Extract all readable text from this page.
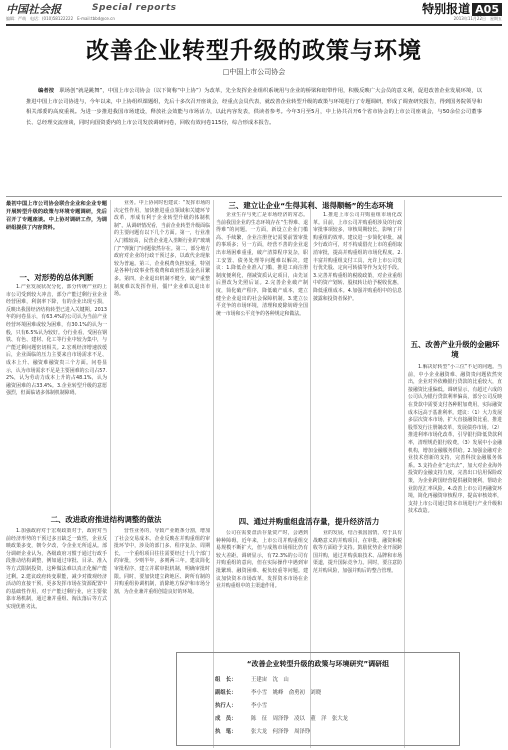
中国社会报	Special reports	特别报道 A05
编辑：严萌　电话：(010)58122222　E-mail:tbbd@ce.cn	2013年11月22日　星期五
改善企业转型升级的政策与环境
□中国上市公司协会
编者按　 职场创“就是跳舞”，中国上市公司协会（以下简称“中上协”）为改革，先全发挥企业组织系统用与企业的桥梁和纽带作用，积极反映广大会员的意义利，促进改善企业发展环境，以推进中国上市公司协进与，今年以来，中上协组织课题组，先后十多次召开座谈会，经重点会员代表，就改善企业转型升级的政策与环境进行了专题调研，形成了调查研究报告，得到国务院领导和相关部委的高度重视。为进一步推进我国市场建设，释放社会效能与市场活力，以此内容发表，供读者参考。今年3月至5月，中上协共召开6个省市协会的上市公司座谈会，与50余位公司董事长、总经理交流座谈，同时向国资委内的上市公司发放调研问卷，回收有效问卷115份，综合形成本报告。
最初中国上市公司协会联合企业和企业专题开展转型升级的政策与环境专题调研，先后召开了专题座谈。中上协对调研工作，为调研组提供了内容资料。
一、对形势的总体判断
1.产业发展状况分化，部分传统产业的上市公司受到较大冲击，部分产能过剩行业企业经营困难，利润率下降，有的企业出现亏损，反映出我国经济结构转型已进入关键期。2013年的问卷显示，有63.4%的公司认为当前产业经营环境困难或较为困难，有30.1%的认为一般，只有6.5%认为较好。分行业看，受困在钢铁、有色、建材、化工等行业中较为集中，与产能过剩问题密切相关。2.宏观经济增速放缓后，企业面临的压力主要来自市场需求不足、成本上升、融资难融资贵三个方面。问卷显示，认为市场需求不足是主要困难的公司占57.2%，认为劳动力成本上升的占48.1%，认为融资困难的占33.4%。3.企业转型升级的意愿强烈，但面临诸多体制机制障碍。
二、改进政府推进结构调整的做法
1.加强政府对于宏观政策对于，政府对当前经济形势的干预过多且缺乏一致性，企业反映政策多变，朝令夕改，令企业无所适从。部分调研企业认为，各级政府习惯于通过行政手段推动结构调整，例如通过审批、目录、准入等方式限制投资，这种做法难以真正化解产能过剩。2.建议政府转变职能，减少对微观经济活动的直接干预，更多发挥市场在资源配置中的基础性作用，对于产能过剩行业，应主要依靠市场机制，通过兼并重组、淘汰落后等方式实现优胜劣汰。
业务。中上协同时也建议：“发挥市场的决定性作用，加快推进重点领域和关键环节改革，形成有利于企业转型升级的体制机制”。从调研情况看，当前企业转型升级面临的主要问题有以下几个方面。第一，行业准入门槛较高，民营企业进入垄断行业的“玻璃门”“弹簧门”问题依然存在。第二，部分地方政府对企业的行政干预过多，以政代企现象较为普遍。第三，企业税费负担较重，特别是各种行政事业性收费和政府性基金名目繁多。第四，企业退出机制不健全，破产重整制度难以发挥作用，僵尸企业难以退出市场。
营性业务的，导致产业链条分割，增加了社会交易成本。企业反映在并购重组的审批环节中，涉及的部门多、程序复杂、周期长，一个重组项目往往需要经过十几个部门的审批，少则半年，多则两三年。建议简化审批程序，建立并联审批机制，明确审批时限。同时，要加快建立跨地区、跨所有制的并购重组协调机制，消除地方保护和市场分割，为企业兼并重组创造良好的环境。
三、建立让企业“生得其利、退得顺畅”的生态环境
企业生存与死亡是市场经济的常态。当前我国企业的生态环境存在“生得难、退得难”的问题。一方面，新设立企业门槛高、手续繁，企业注册登记需要前置审批的事项多；另一方面，经营不善的企业退出市场困难重重，破产清算程序复杂，职工安置、债务处理等问题难以解决。建议：1.降低企业准入门槛，推进工商注册制度便利化，削减资质认定项目，由先证后照改为先照后证。2.完善企业破产制度，简化破产程序，降低破产成本，建立健全企业退出的社会保障机制。3.建立公平竞争的市场环境，清理和废除妨碍全国统一市场和公平竞争的各种规定和做法。
1.推进上市公司并购重组市场化改革。目前，上市公司并购重组涉及的行政审批事项较多，审核周期较长，影响了并购重组的效率。建议进一步简化审批，减少行政许可，对不构成借壳上市的重组取消审批，提高并购重组的市场化程度。2.丰富并购重组支付工具，允许上市公司发行优先股、定向可转债等作为支付手段。3.完善并购重组的税收政策，对企业重组中的资产划转、股权转让给予税收优惠，降低重组成本。4.加强并购重组中的信息披露和投资者保护。
四、通过并购重组盘活存量，提升经济活力
公司在需要盘活存量资产时，会遇到种种障碍。近年来，上市公司并购重组交易规模不断扩大，但与成熟市场相比仍有较大差距。调研显示，有72.3%的公司有并购重组的意向，但在实际操作中遇到审批繁琐、融资困难、税负较重等问题。建议加快资本市场改革，发挥资本市场在企业并购重组中的主渠道作用。
业的发展，结合我国国情，对于具有战略意义的并购项目，在审批、融资和税收等方面给予支持。鼓励优势企业开展跨国并购，通过并购获取技术、品牌和市场渠道，提升国际竞争力。同时，要注意防范并购风险，加强并购后的整合管理。
五、改善产业升级的金融环境
1.解决好转型“小三位”不足的问题。当前，中小企业融资难、融资贵问题依然突出，企业对外依赖银行贷款的比重较大，直接融资比重偏低。调研显示，有超过六成的公司认为银行贷款利率偏高，部分公司反映在贷款中需要支付各种附加费用，实际融资成本远高于基准利率。建议：（1）大力发展多层次资本市场，扩大直接融资比重，推进股票发行注册制改革，发展债券市场。（2）推进利率市场化改革，引导银行降低贷款利率，清理规范银行收费。（3）发展中小金融机构，增加金融服务供给。2.加强金融对企业技术创新的支持，完善科技金融服务体系。3.支持企业“走出去”，加大对企业海外投资的金融支持力度，完善出口信用保险政策，为企业跨国经营提供融资便利，帮助企业防范汇率风险。4.改善上市公司再融资环境，简化再融资审核程序，提高审核效率，支持上市公司通过资本市场进行产业升级和技术改造。
“改善企业转型升级的政策与环境研究”调研组
组　长：	王建宙　沈　山
副组长：	李小雪　姚峰　俞勇初　刘晓
执行人：	李小雪
成　员：	陈　征　周泽铮　凌以　董　洋　张大龙
执　笔：	张大龙　何泽铮　周泽铮
